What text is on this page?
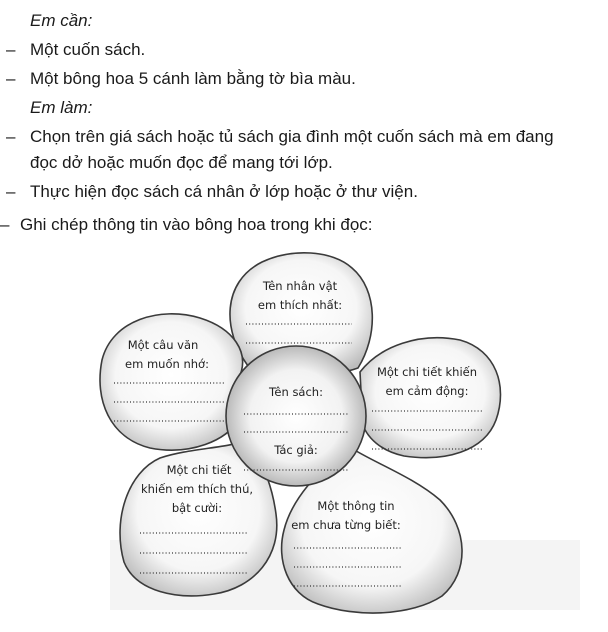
Em cần:
– Một cuốn sách.
– Một bông hoa 5 cánh làm bằng tờ bìa màu.
Em làm:
– Chọn trên giá sách hoặc tủ sách gia đình một cuốn sách mà em đang
đọc dở hoặc muốn đọc để mang tới lớp.
– Thực hiện đọc sách cá nhân ở lớp hoặc ở thư viện.
– Ghi chép thông tin vào bông hoa trong khi đọc:
Tên nhân vật
em thích nhất:
Một câu văn
em muốn nhớ:
Một chi tiết khiến
em cảm động:
Tên sách:
Tác giả:
Một chi tiết
khiến em thích thú,
bật cười:	Một thông tin
em chưa từng biết:
